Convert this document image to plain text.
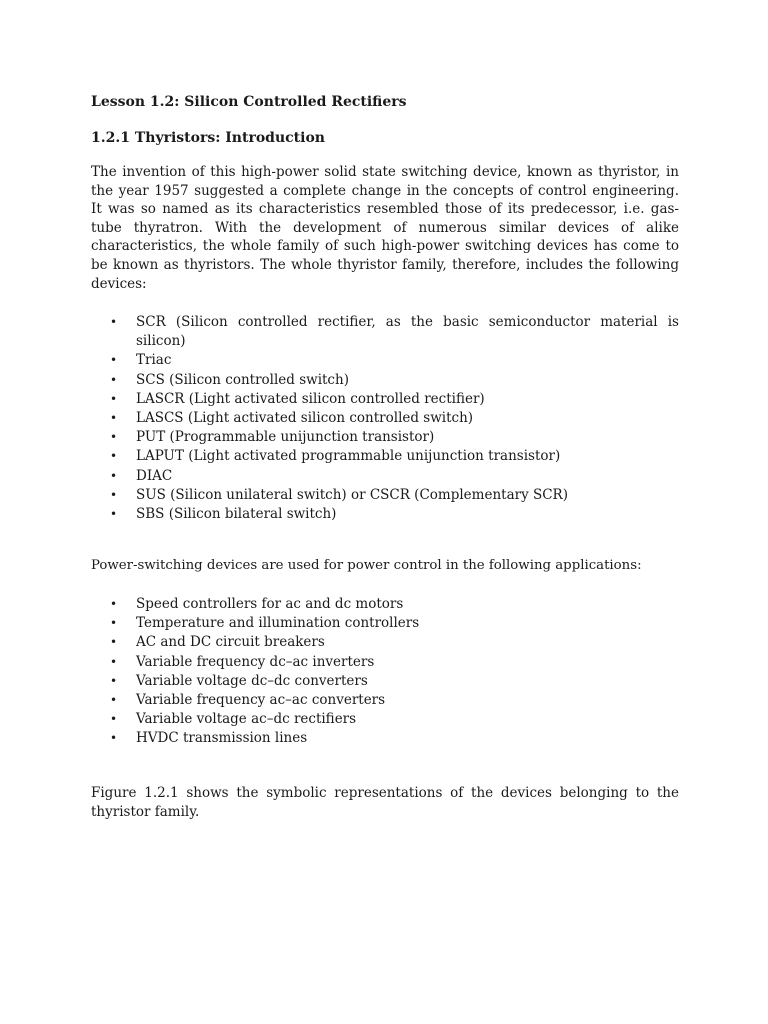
Lesson 1.2: Silicon Controlled Rectifiers
1.2.1 Thyristors: Introduction
The invention of this high-power solid state switching device, known as thyristor, in the year 1957 suggested a complete change in the concepts of control engineering. It was so named as its characteristics resembled those of its predecessor, i.e. gas-tube thyratron. With the development of numerous similar devices of alike characteristics, the whole family of such high-power switching devices has come to be known as thyristors. The whole thyristor family, therefore, includes the following devices:
• SCR (Silicon controlled rectifier, as the basic semiconductor material is silicon)
• Triac
• SCS (Silicon controlled switch)
• LASCR (Light activated silicon controlled rectifier)
• LASCS (Light activated silicon controlled switch)
• PUT (Programmable unijunction transistor)
• LAPUT (Light activated programmable unijunction transistor)
• DIAC
• SUS (Silicon unilateral switch) or CSCR (Complementary SCR)
• SBS (Silicon bilateral switch)
Power-switching devices are used for power control in the following applications:
• Speed controllers for ac and dc motors
• Temperature and illumination controllers
• AC and DC circuit breakers
• Variable frequency dc–ac inverters
• Variable voltage dc–dc converters
• Variable frequency ac–ac converters
• Variable voltage ac–dc rectifiers
• HVDC transmission lines
Figure 1.2.1 shows the symbolic representations of the devices belonging to the thyristor family.
